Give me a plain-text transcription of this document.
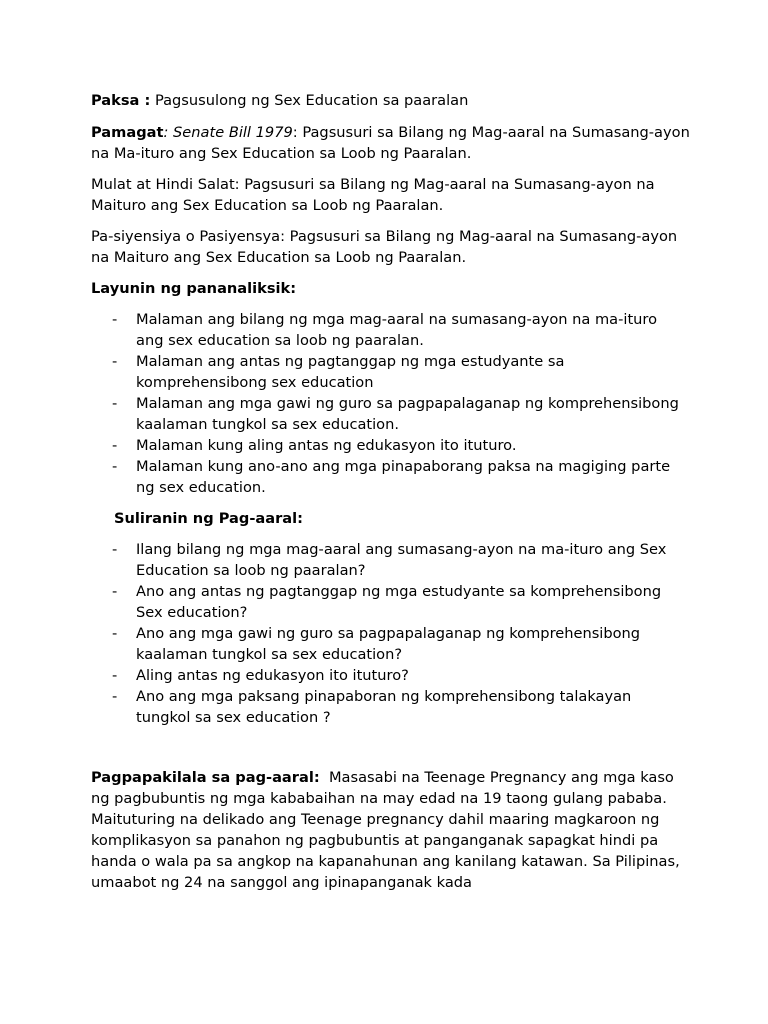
Paksa : Pagsusulong ng Sex Education sa paaralan

Pamagat: Senate Bill 1979: Pagsusuri sa Bilang ng Mag-aaral na Sumasang-ayon na Ma-ituro ang Sex Education sa Loob ng Paaralan.

Mulat at Hindi Salat: Pagsusuri sa Bilang ng Mag-aaral na Sumasang-ayon na Maituro ang Sex Education sa Loob ng Paaralan.

Pa-siyensiya o Pasiyensya: Pagsusuri sa Bilang ng Mag-aaral na Sumasang-ayon na Maituro ang Sex Education sa Loob ng Paaralan.

Layunin ng pananaliksik:

- Malaman ang bilang ng mga mag-aaral na sumasang-ayon na ma-ituro ang sex education sa loob ng paaralan.
- Malaman ang antas ng pagtanggap ng mga estudyante sa komprehensibong sex education
- Malaman ang mga gawi ng guro sa pagpapalaganap ng komprehensibong kaalaman tungkol sa sex education.
- Malaman kung aling antas ng edukasyon ito ituturo.
- Malaman kung ano-ano ang mga pinapaborang paksa na magiging parte ng sex education.

Suliranin ng Pag-aaral:

- Ilang bilang ng mga mag-aaral ang sumasang-ayon na ma-ituro ang Sex Education sa loob ng paaralan?
- Ano ang antas ng pagtanggap ng mga estudyante sa komprehensibong Sex education?
- Ano ang mga gawi ng guro sa pagpapalaganap ng komprehensibong kaalaman tungkol sa sex education?
- Aling antas ng edukasyon ito ituturo?
- Ano ang mga paksang pinapaboran ng komprehensibong talakayan tungkol sa sex education ?

Pagpapakilala sa pag-aaral: Masasabi na Teenage Pregnancy ang mga kaso ng pagbubuntis ng mga kababaihan na may edad na 19 taong gulang pababa. Maituturing na delikado ang Teenage pregnancy dahil maaring magkaroon ng komplikasyon sa panahon ng pagbubuntis at panganganak sapagkat hindi pa handa o wala pa sa angkop na kapanahunan ang kanilang katawan. Sa Pilipinas, umaabot ng 24 na sanggol ang ipinapanganak kada
